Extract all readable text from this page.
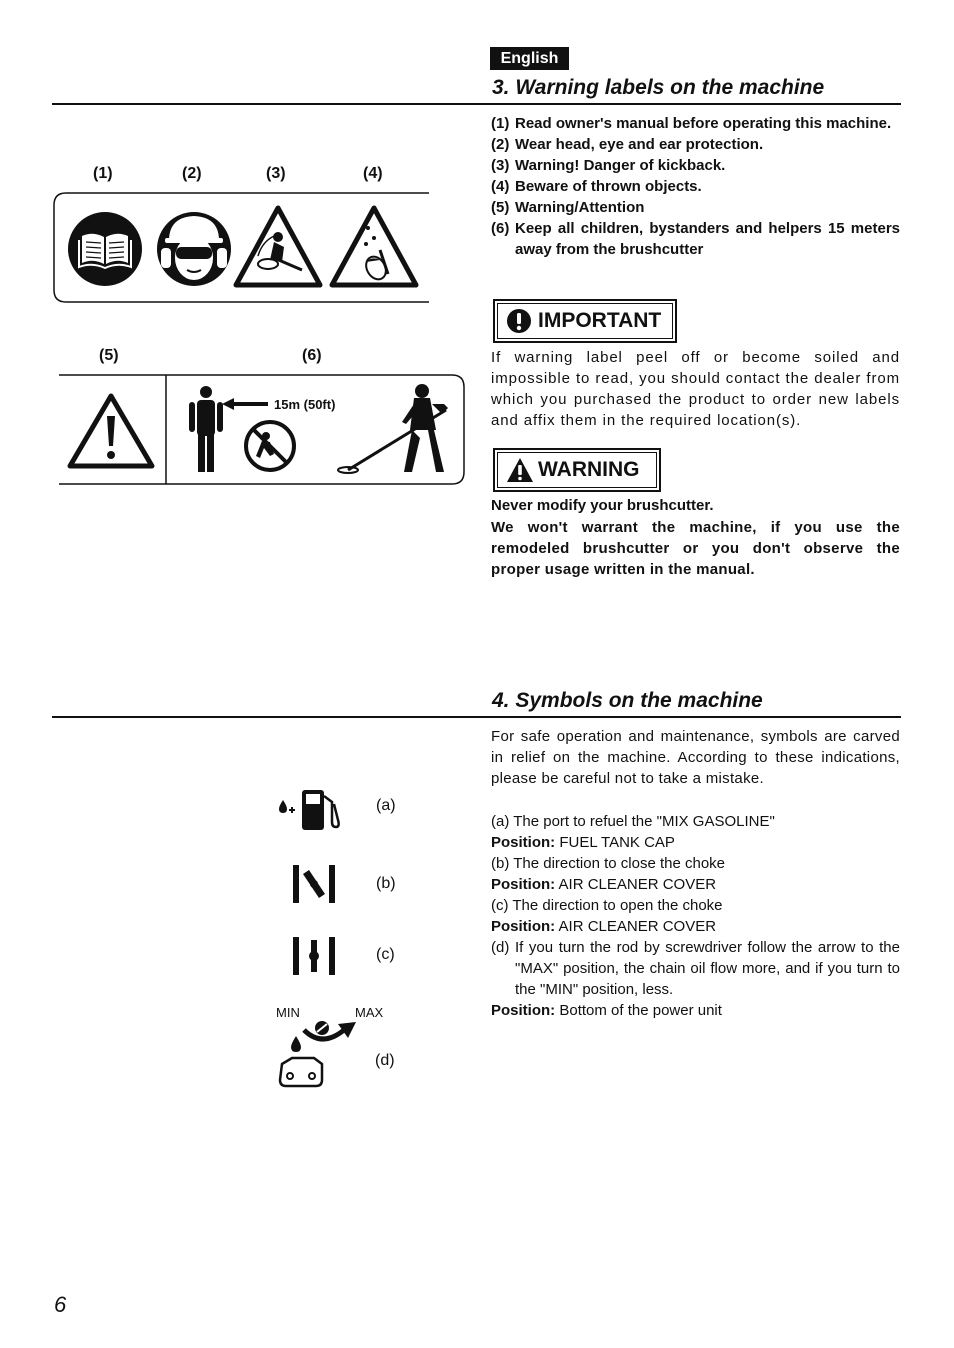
English
3. Warning labels on the machine
(1) Read owner's manual before operating this machine.
(2) Wear head, eye and ear protection.
(3) Warning! Danger of kickback.
(4) Beware of thrown objects.
(5) Warning/Attention
(6) Keep all children, bystanders and helpers 15 meters away from the brushcutter
(1)	(2)	(3)	(4)
(5)	(6)
15m (50ft)
IMPORTANT
If warning label peel off or become soiled and impossible to read, you should contact the dealer from which you purchased the product to order new labels and affix them in the required location(s).
WARNING
Never modify your brushcutter.
We won't warrant the machine, if you use the remodeled brushcutter or you don't observe the proper usage written in the manual.
4. Symbols on the machine
For safe operation and maintenance, symbols are carved in relief on the machine. According to these indications, please be careful not to take a mistake.
(a) The port to refuel the "MIX GASOLINE"
Position: FUEL TANK CAP
(b) The direction to close the choke
Position: AIR CLEANER COVER
(c) The direction to open the choke
Position: AIR CLEANER COVER
(d) If you turn the rod by screwdriver follow the arrow to the "MAX" position, the chain oil flow more, and if you turn to the "MIN" position, less.
Position: Bottom of the power unit
(a)
(b)
(c)
MIN	MAX
(d)
6
